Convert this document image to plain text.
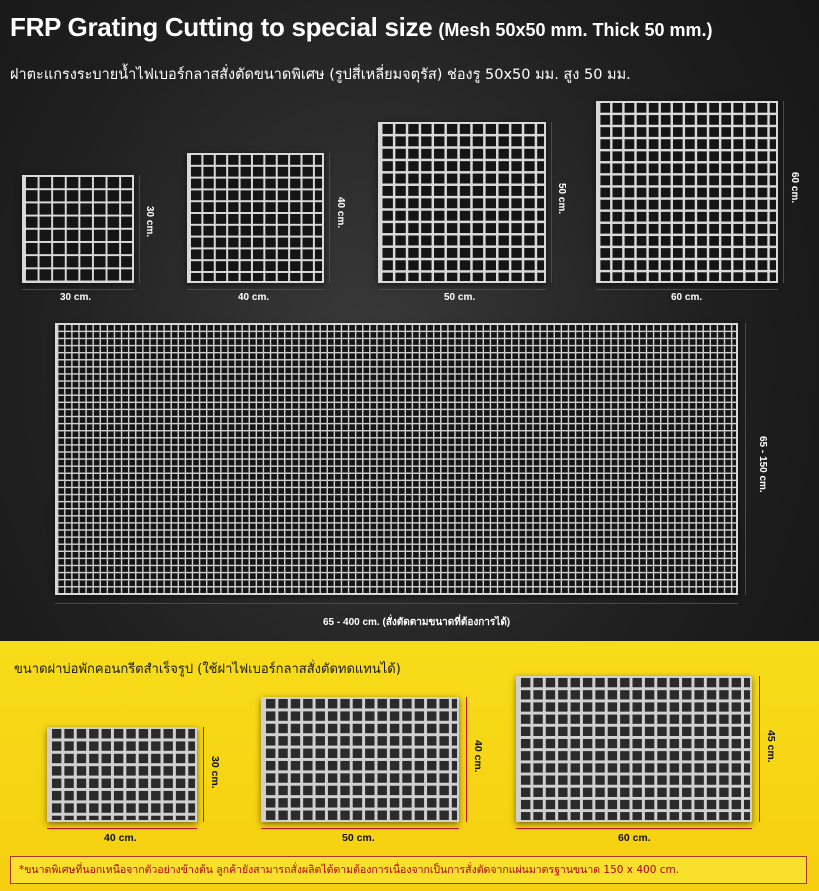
FRP Grating Cutting to special size (Mesh 50x50 mm. Thick 50 mm.)
ฝาตะแกรงระบายน้ำไฟเบอร์กลาสสั่งตัดขนาดพิเศษ (รูปสี่เหลี่ยมจตุรัส) ช่องรู 50x50 มม. สูง 50 มม.
30 cm.
30 cm.
40 cm.
40 cm.
50 cm.
50 cm.
60 cm.
60 cm.
65 - 150 cm.
65 - 400 cm. (สั่งตัดตามขนาดที่ต้องการได้)
ขนาดฝาบ่อพักคอนกรีตสำเร็จรูป (ใช้ฝาไฟเบอร์กลาสสั่งตัดทดแทนได้)
30 cm.
40 cm.
40 cm.
50 cm.
45 cm.
60 cm.
*ขนาดพิเศษที่นอกเหนือจากตัวอย่างข้างต้น ลูกค้ายังสามารถสั่งผลิตได้ตามต้องการเนื่องจากเป็นการสั่งตัดจากแผ่นมาตรฐานขนาด 150 x 400 cm.
